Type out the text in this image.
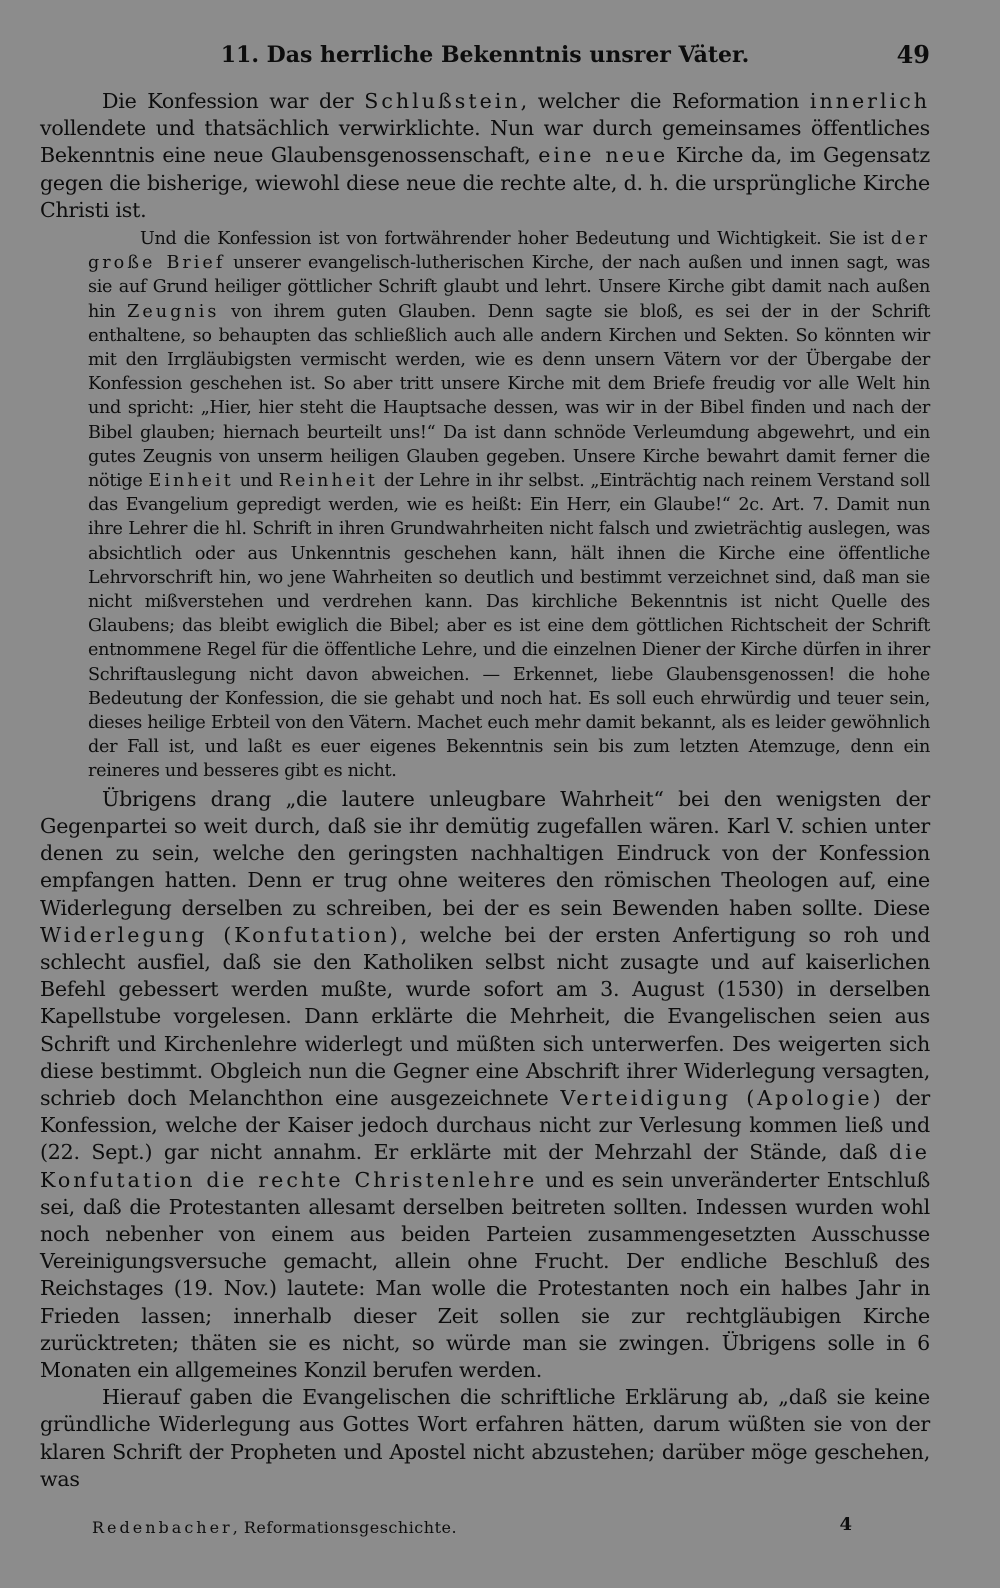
11. Das herrliche Bekenntnis unsrer Väter.	49

Die Konfession war der Schlußstein, welcher die Reformation innerlich vollendete und thatsächlich verwirklichte. Nun war durch gemeinsames öffentliches Bekenntnis eine neue Glaubensgenossenschaft, eine neue Kirche da, im Gegensatz gegen die bisherige, wiewohl diese neue die rechte alte, d. h. die ursprüngliche Kirche Christi ist.

Und die Konfession ist von fortwährender hoher Bedeutung und Wichtigkeit. Sie ist der große Brief unserer evangelisch-lutherischen Kirche, der nach außen und innen sagt, was sie auf Grund heiliger göttlicher Schrift glaubt und lehrt. Unsere Kirche gibt damit nach außen hin Zeugnis von ihrem guten Glauben. Denn sagte sie bloß, es sei der in der Schrift enthaltene, so behaupten das schließlich auch alle andern Kirchen und Sekten. So könnten wir mit den Irrgläubigsten vermischt werden, wie es denn unsern Vätern vor der Übergabe der Konfession geschehen ist. So aber tritt unsere Kirche mit dem Briefe freudig vor alle Welt hin und spricht: „Hier, hier steht die Hauptsache dessen, was wir in der Bibel finden und nach der Bibel glauben; hiernach beurteilt uns!“ Da ist dann schnöde Verleumdung abgewehrt, und ein gutes Zeugnis von unserm heiligen Glauben gegeben. Unsere Kirche bewahrt damit ferner die nötige Einheit und Reinheit der Lehre in ihr selbst. „Einträchtig nach reinem Verstand soll das Evangelium gepredigt werden, wie es heißt: Ein Herr, ein Glaube!“ 2c. Art. 7. Damit nun ihre Lehrer die hl. Schrift in ihren Grundwahrheiten nicht falsch und zwieträchtig auslegen, was absichtlich oder aus Unkenntnis geschehen kann, hält ihnen die Kirche eine öffentliche Lehrvorschrift hin, wo jene Wahrheiten so deutlich und bestimmt verzeichnet sind, daß man sie nicht mißverstehen und verdrehen kann. Das kirchliche Bekenntnis ist nicht Quelle des Glaubens; das bleibt ewiglich die Bibel; aber es ist eine dem göttlichen Richtscheit der Schrift entnommene Regel für die öffentliche Lehre, und die einzelnen Diener der Kirche dürfen in ihrer Schriftauslegung nicht davon abweichen. — Erkennet, liebe Glaubensgenossen! die hohe Bedeutung der Konfession, die sie gehabt und noch hat. Es soll euch ehrwürdig und teuer sein, dieses heilige Erbteil von den Vätern. Machet euch mehr damit bekannt, als es leider gewöhnlich der Fall ist, und laßt es euer eigenes Bekenntnis sein bis zum letzten Atemzuge, denn ein reineres und besseres gibt es nicht.

Übrigens drang „die lautere unleugbare Wahrheit“ bei den wenigsten der Gegenpartei so weit durch, daß sie ihr demütig zugefallen wären. Karl V. schien unter denen zu sein, welche den geringsten nachhaltigen Eindruck von der Konfession empfangen hatten. Denn er trug ohne weiteres den römischen Theologen auf, eine Widerlegung derselben zu schreiben, bei der es sein Bewenden haben sollte. Diese Widerlegung (Konfutation), welche bei der ersten Anfertigung so roh und schlecht ausfiel, daß sie den Katholiken selbst nicht zusagte und auf kaiserlichen Befehl gebessert werden mußte, wurde sofort am 3. August (1530) in derselben Kapellstube vorgelesen. Dann erklärte die Mehrheit, die Evangelischen seien aus Schrift und Kirchenlehre widerlegt und müßten sich unterwerfen. Des weigerten sich diese bestimmt. Obgleich nun die Gegner eine Abschrift ihrer Widerlegung versagten, schrieb doch Melanchthon eine ausgezeichnete Verteidigung (Apologie) der Konfession, welche der Kaiser jedoch durchaus nicht zur Verlesung kommen ließ und (22. Sept.) gar nicht annahm. Er erklärte mit der Mehrzahl der Stände, daß die Konfutation die rechte Christenlehre und es sein unveränderter Entschluß sei, daß die Protestanten allesamt derselben beitreten sollten. Indessen wurden wohl noch nebenher von einem aus beiden Parteien zusammengesetzten Ausschusse Vereinigungsversuche gemacht, allein ohne Frucht. Der endliche Beschluß des Reichstages (19. Nov.) lautete: Man wolle die Protestanten noch ein halbes Jahr in Frieden lassen; innerhalb dieser Zeit sollen sie zur rechtgläubigen Kirche zurücktreten; thäten sie es nicht, so würde man sie zwingen. Übrigens solle in 6 Monaten ein allgemeines Konzil berufen werden.

Hierauf gaben die Evangelischen die schriftliche Erklärung ab, „daß sie keine gründliche Widerlegung aus Gottes Wort erfahren hätten, darum wüßten sie von der klaren Schrift der Propheten und Apostel nicht abzustehen; darüber möge geschehen, was

Redenbacher, Reformationsgeschichte.	4
